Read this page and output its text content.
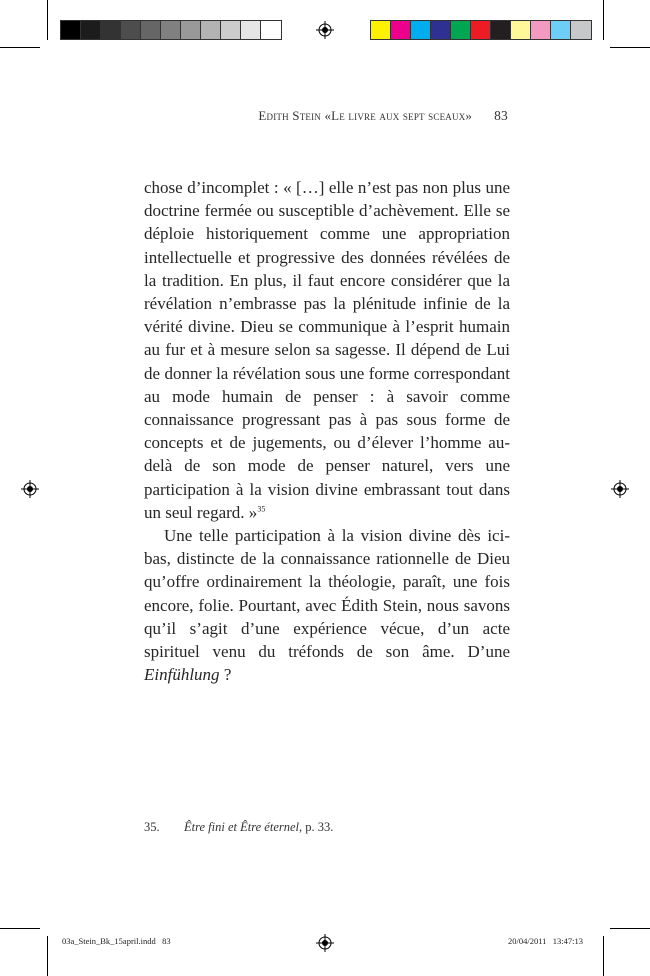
Edith Stein «Le livre aux sept sceaux» 83

chose d’incomplet : « […] elle n’est pas non plus une doctrine fermée ou susceptible d’achèvement. Elle se déploie historiquement comme une appropriation intellectuelle et progressive des données révélées de la tradition. En plus, il faut encore considérer que la révélation n’embrasse pas la plénitude infinie de la vérité divine. Dieu se communique à l’esprit humain au fur et à mesure selon sa sagesse. Il dépend de Lui de donner la révélation sous une forme correspondant au mode humain de penser : à savoir comme connaissance progressant pas à pas sous forme de concepts et de jugements, ou d’élever l’homme au-delà de son mode de penser naturel, vers une participation à la vision divine embrassant tout dans un seul regard. »$^{35}$

Une telle participation à la vision divine dès ici-bas, distincte de la connaissance rationnelle de Dieu qu’offre ordinairement la théologie, paraît, une fois encore, folie. Pourtant, avec Édith Stein, nous savons qu’il s’agit d’une expérience vécue, d’un acte spirituel venu du tréfonds de son âme. D’une Einfühlung ?

35.	Être fini et Être éternel, p. 33.
03a_Stein_Bk_15april.indd   83	20/04/2011   13:47:13
